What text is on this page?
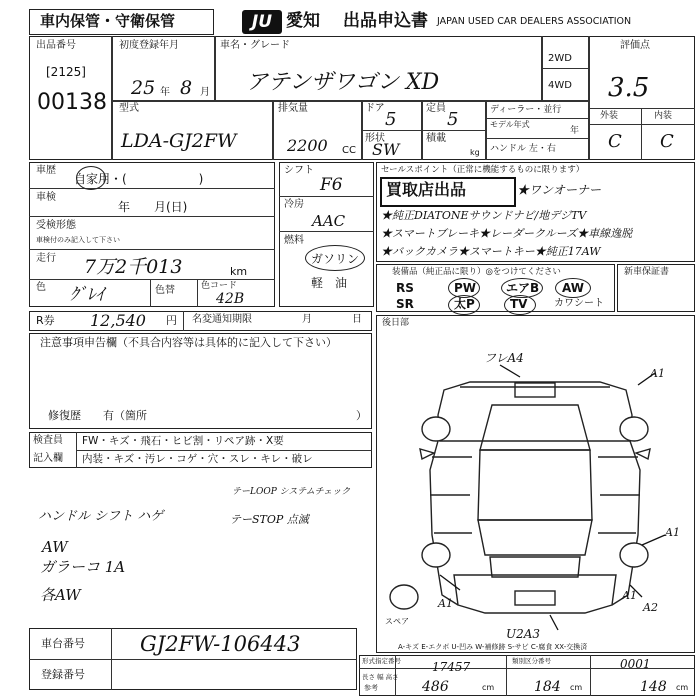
車内保管・守衛保管	JU 愛知 出品申込書 JAPAN USED CAR DEALERS ASSOCIATION
出品番号
[2125]
00138
初度登録年月
25 年 8 月
車名・グレード
アテンザワゴン XD
2WD
4WD
評価点
3.5
外装	内装
C C
型式
LDA-GJ2FW
排気量
2200 CC
ドア
5
定員
5
形状
SW
積載
kg
ディーラー・並行
モデル年式
年
ハンドル 左・右
車歴
自家用・(　　　　　　)
車検
年　　月(日)
受検形態
車検付のみ記入して下さい
走行 7万2千013	km
色 ｸﾞﾚｲ	色替	色コード
42B
シフト
F6
冷房
AAC
燃料
ガソリン
軽　油
セールスポイント（正常に機能するものに限ります）
買取店出品	★ワンオーナー
★純正DIATONEサウンドナビ/地デジTV
★スマートブレーキ★レーダークルーズ★車線逸脱
★バックカメラ★スマートキー★純正17AW
装備品（純正品に限り）◎をつけてください
RS	PW エアB AW
SR	太P	TV	カワシート
新車保証書
R券 12,540 円 名変通知期限	月	日
注意事項申告欄（不具合内容等は具体的に記入して下さい）
修復歴　　有（箇所	）
後日部
検査員
記入欄
FW・キズ・飛石・ヒビ割・リペア跡・X要
内装・キズ・汚レ・コゲ・穴・スレ・キレ・破レ
ハンドル シフト ハゲ
AW
ガラーコ 1A
各AW
テーLOOP システムチェック
テーSTOP 点滅
フレA4
A1
A1
A1
A1
A2
スペア
U2A3
A-キズ E-エクボ U-凹み W-補修跡 S-サビ C-腐食 XX-交換済
車台番号	GJ2FW-106443
登録番号
形式指定番号	17457	類別区分番号	0001
長さ 幅 高さ
参考	486	cm	184 cm	148 cm
